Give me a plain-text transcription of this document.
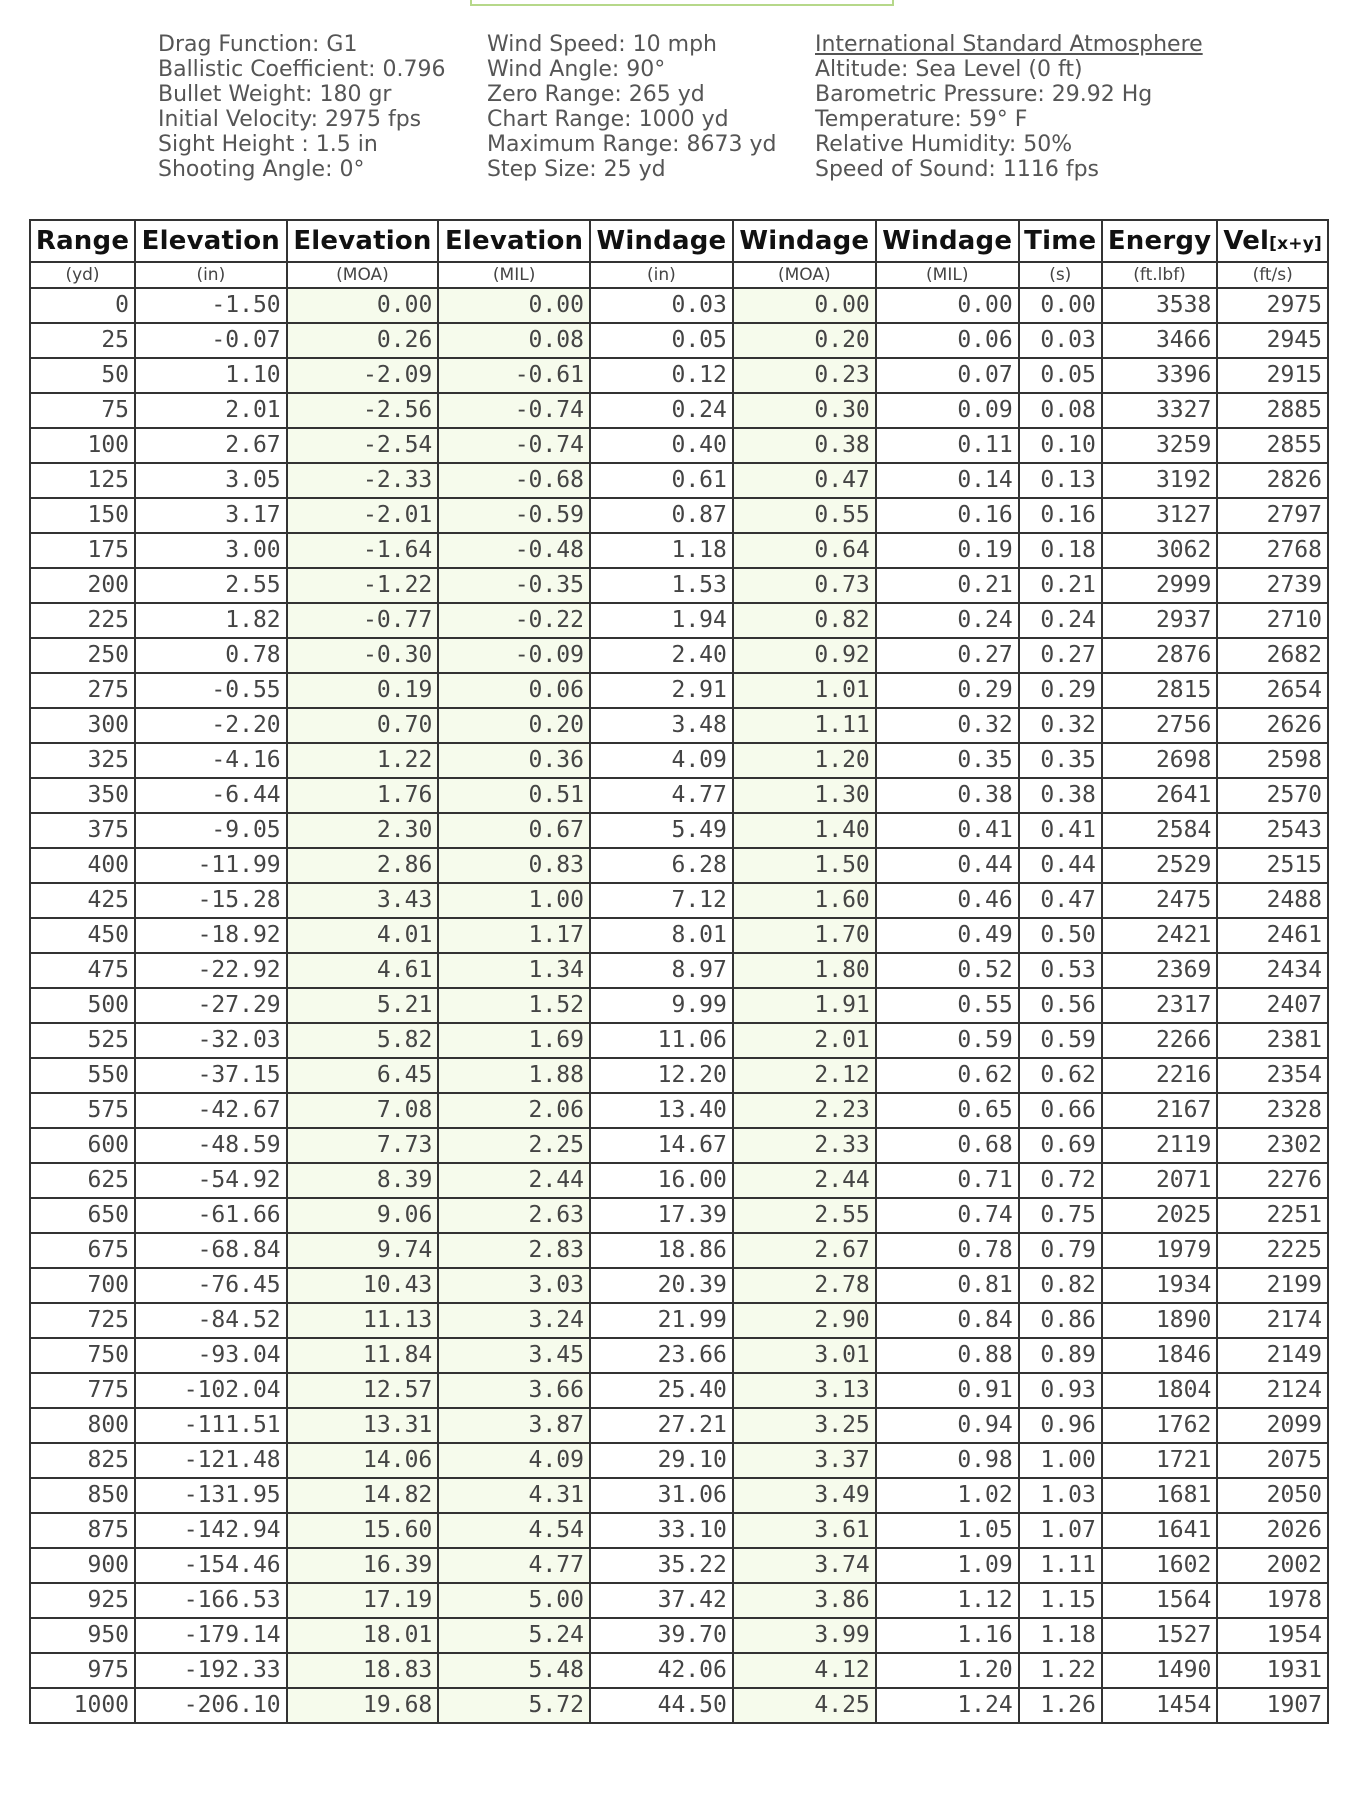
Drag Function: G1
Ballistic Coefficient: 0.796
Bullet Weight: 180 gr
Initial Velocity: 2975 fps
Sight Height : 1.5 in
Shooting Angle: 0°
Wind Speed: 10 mph
Wind Angle: 90°
Zero Range: 265 yd
Chart Range: 1000 yd
Maximum Range: 8673 yd
Step Size: 25 yd
International Standard Atmosphere
Altitude: Sea Level (0 ft)
Barometric Pressure: 29.92 Hg
Temperature: 59° F
Relative Humidity: 50%
Speed of Sound: 1116 fps
Range	Elevation	Elevation	Elevation	Windage	Windage	Windage	Time	Energy	Vel[x+y]
(yd)	(in)	(MOA)	(MIL)	(in)	(MOA)	(MIL)	(s)	(ft.lbf)	(ft/s)
0	-1.50	0.00	0.00	0.03	0.00	0.00	0.00	3538	2975
25	-0.07	0.26	0.08	0.05	0.20	0.06	0.03	3466	2945
50	1.10	-2.09	-0.61	0.12	0.23	0.07	0.05	3396	2915
75	2.01	-2.56	-0.74	0.24	0.30	0.09	0.08	3327	2885
100	2.67	-2.54	-0.74	0.40	0.38	0.11	0.10	3259	2855
125	3.05	-2.33	-0.68	0.61	0.47	0.14	0.13	3192	2826
150	3.17	-2.01	-0.59	0.87	0.55	0.16	0.16	3127	2797
175	3.00	-1.64	-0.48	1.18	0.64	0.19	0.18	3062	2768
200	2.55	-1.22	-0.35	1.53	0.73	0.21	0.21	2999	2739
225	1.82	-0.77	-0.22	1.94	0.82	0.24	0.24	2937	2710
250	0.78	-0.30	-0.09	2.40	0.92	0.27	0.27	2876	2682
275	-0.55	0.19	0.06	2.91	1.01	0.29	0.29	2815	2654
300	-2.20	0.70	0.20	3.48	1.11	0.32	0.32	2756	2626
325	-4.16	1.22	0.36	4.09	1.20	0.35	0.35	2698	2598
350	-6.44	1.76	0.51	4.77	1.30	0.38	0.38	2641	2570
375	-9.05	2.30	0.67	5.49	1.40	0.41	0.41	2584	2543
400	-11.99	2.86	0.83	6.28	1.50	0.44	0.44	2529	2515
425	-15.28	3.43	1.00	7.12	1.60	0.46	0.47	2475	2488
450	-18.92	4.01	1.17	8.01	1.70	0.49	0.50	2421	2461
475	-22.92	4.61	1.34	8.97	1.80	0.52	0.53	2369	2434
500	-27.29	5.21	1.52	9.99	1.91	0.55	0.56	2317	2407
525	-32.03	5.82	1.69	11.06	2.01	0.59	0.59	2266	2381
550	-37.15	6.45	1.88	12.20	2.12	0.62	0.62	2216	2354
575	-42.67	7.08	2.06	13.40	2.23	0.65	0.66	2167	2328
600	-48.59	7.73	2.25	14.67	2.33	0.68	0.69	2119	2302
625	-54.92	8.39	2.44	16.00	2.44	0.71	0.72	2071	2276
650	-61.66	9.06	2.63	17.39	2.55	0.74	0.75	2025	2251
675	-68.84	9.74	2.83	18.86	2.67	0.78	0.79	1979	2225
700	-76.45	10.43	3.03	20.39	2.78	0.81	0.82	1934	2199
725	-84.52	11.13	3.24	21.99	2.90	0.84	0.86	1890	2174
750	-93.04	11.84	3.45	23.66	3.01	0.88	0.89	1846	2149
775	-102.04	12.57	3.66	25.40	3.13	0.91	0.93	1804	2124
800	-111.51	13.31	3.87	27.21	3.25	0.94	0.96	1762	2099
825	-121.48	14.06	4.09	29.10	3.37	0.98	1.00	1721	2075
850	-131.95	14.82	4.31	31.06	3.49	1.02	1.03	1681	2050
875	-142.94	15.60	4.54	33.10	3.61	1.05	1.07	1641	2026
900	-154.46	16.39	4.77	35.22	3.74	1.09	1.11	1602	2002
925	-166.53	17.19	5.00	37.42	3.86	1.12	1.15	1564	1978
950	-179.14	18.01	5.24	39.70	3.99	1.16	1.18	1527	1954
975	-192.33	18.83	5.48	42.06	4.12	1.20	1.22	1490	1931
1000	-206.10	19.68	5.72	44.50	4.25	1.24	1.26	1454	1907
